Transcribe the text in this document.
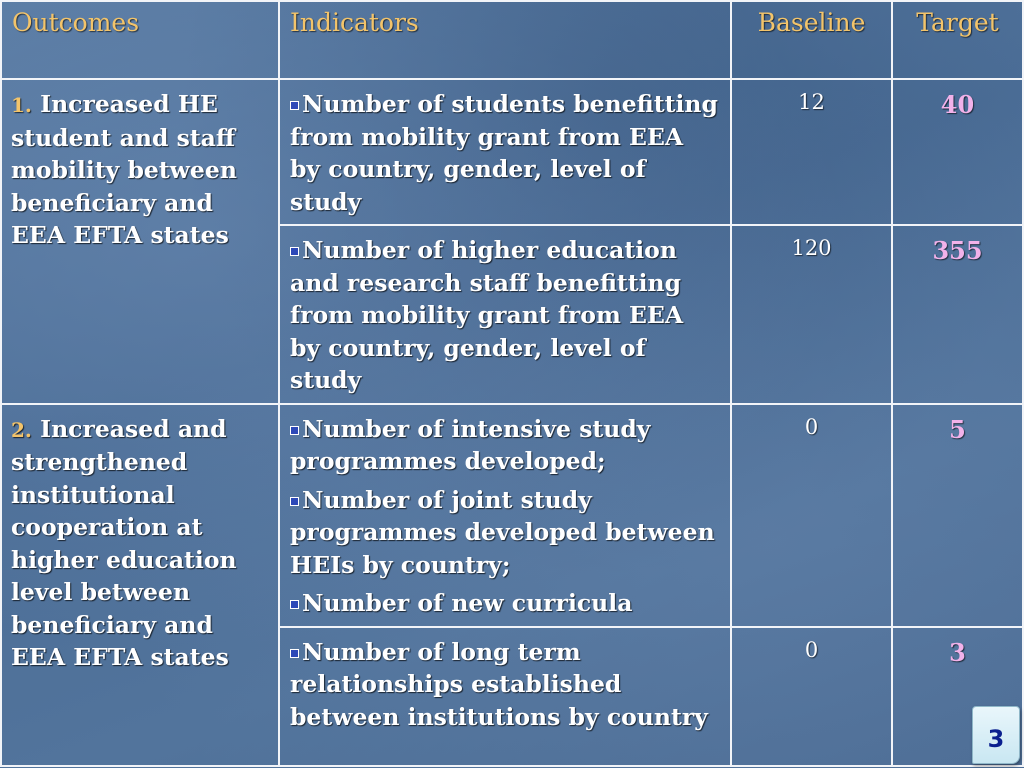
Outcomes	Indicators	Baseline	Target
1. Increased HE student and staff mobility between beneficiary and EEA EFTA states	Number of students benefitting from mobility grant from EEA by country, gender, level of study	12	40

	Number of higher education and research staff benefitting from mobility grant from EEA by country, gender, level of study	120	355
2. Increased and strengthened institutional cooperation at higher education level between beneficiary and EEA EFTA states	Number of intensive study programmes developed;
Number of joint study programmes developed between HEIs by country;
Number of new curricula	0	5

	Number of long term relationships established between institutions by country	0	3
3
